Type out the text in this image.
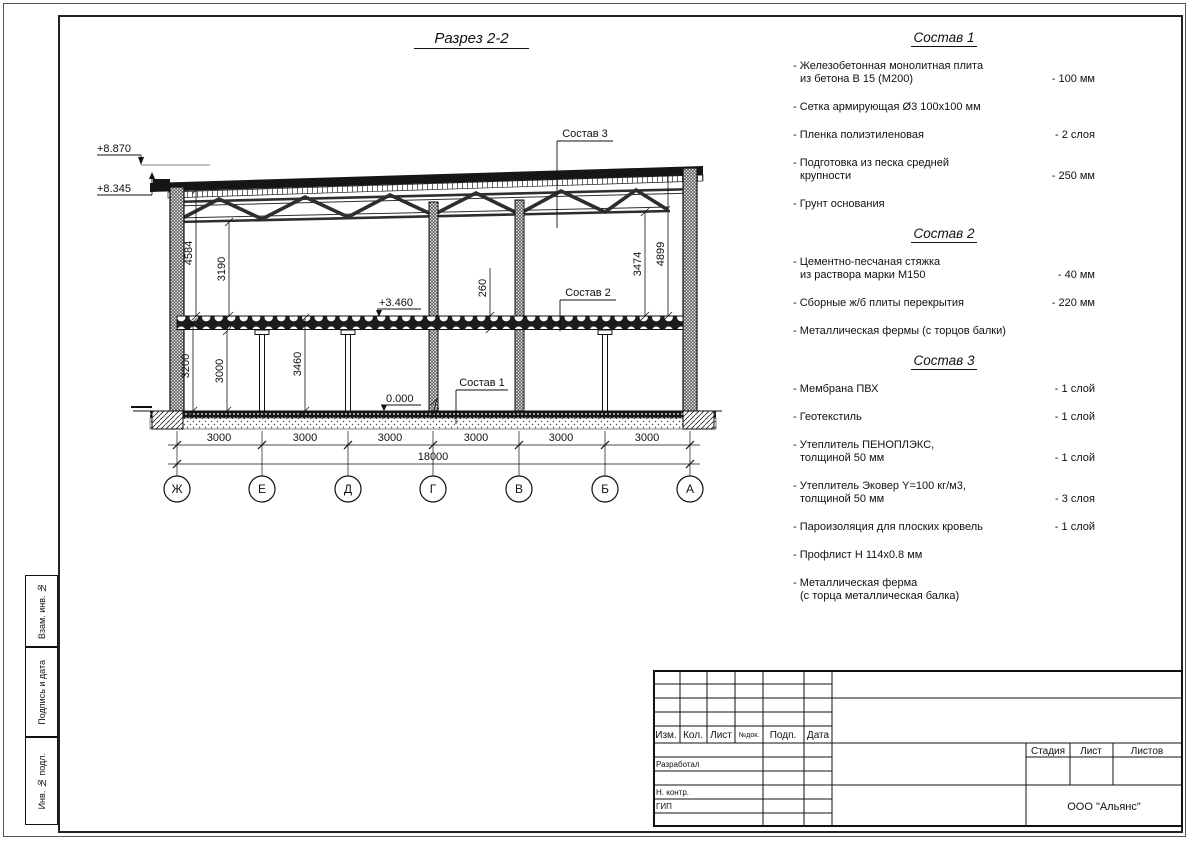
Взам. инв. №
Подпись и дата
Инв. № подл.
Разрез 2-2
Состав 3
Состав 2
Состав 1
+8.870
+8.345
+3.460
0.000
4584
3190
260
3474 4899
3200 3000	3460
3000	3000	3000	3000	3000	3000
18000
Ж	Е	Д	Г	В	Б	А
Состав 1
- Железобетонная монолитная плита
из бетона В 15 (М200)	- 100 мм
- Сетка армирующая Ø3 100х100 мм
- Пленка полиэтиленовая	- 2 слоя
- Подготовка из песка средней
крупности	- 250 мм
- Грунт основания
Состав 2
- Цементно-песчаная стяжка
из раствора марки М150	- 40 мм
- Сборные ж/б плиты перекрытия	- 220 мм
- Металлическая фермы (с торцов балки)
Состав 3
- Мембрана ПВХ	- 1 слой
- Геотекстиль	- 1 слой
- Утеплитель ПЕНОПЛЭКС,
толщиной 50 мм	- 1 слой
- Утеплитель Эковер Y=100 кг/м3,
толщиной 50 мм	- 3 слоя
- Пароизоляция для плоских кровель	- 1 слой
- Профлист Н 114х0.8 мм
- Металлическая ферма
(с торца металлическая балка)
Изм. Кол. Лист №док. Подп. Дата
Разработал
Н. контр.
ГИП
Стадия Лист	Листов
ООО "Альянс"
